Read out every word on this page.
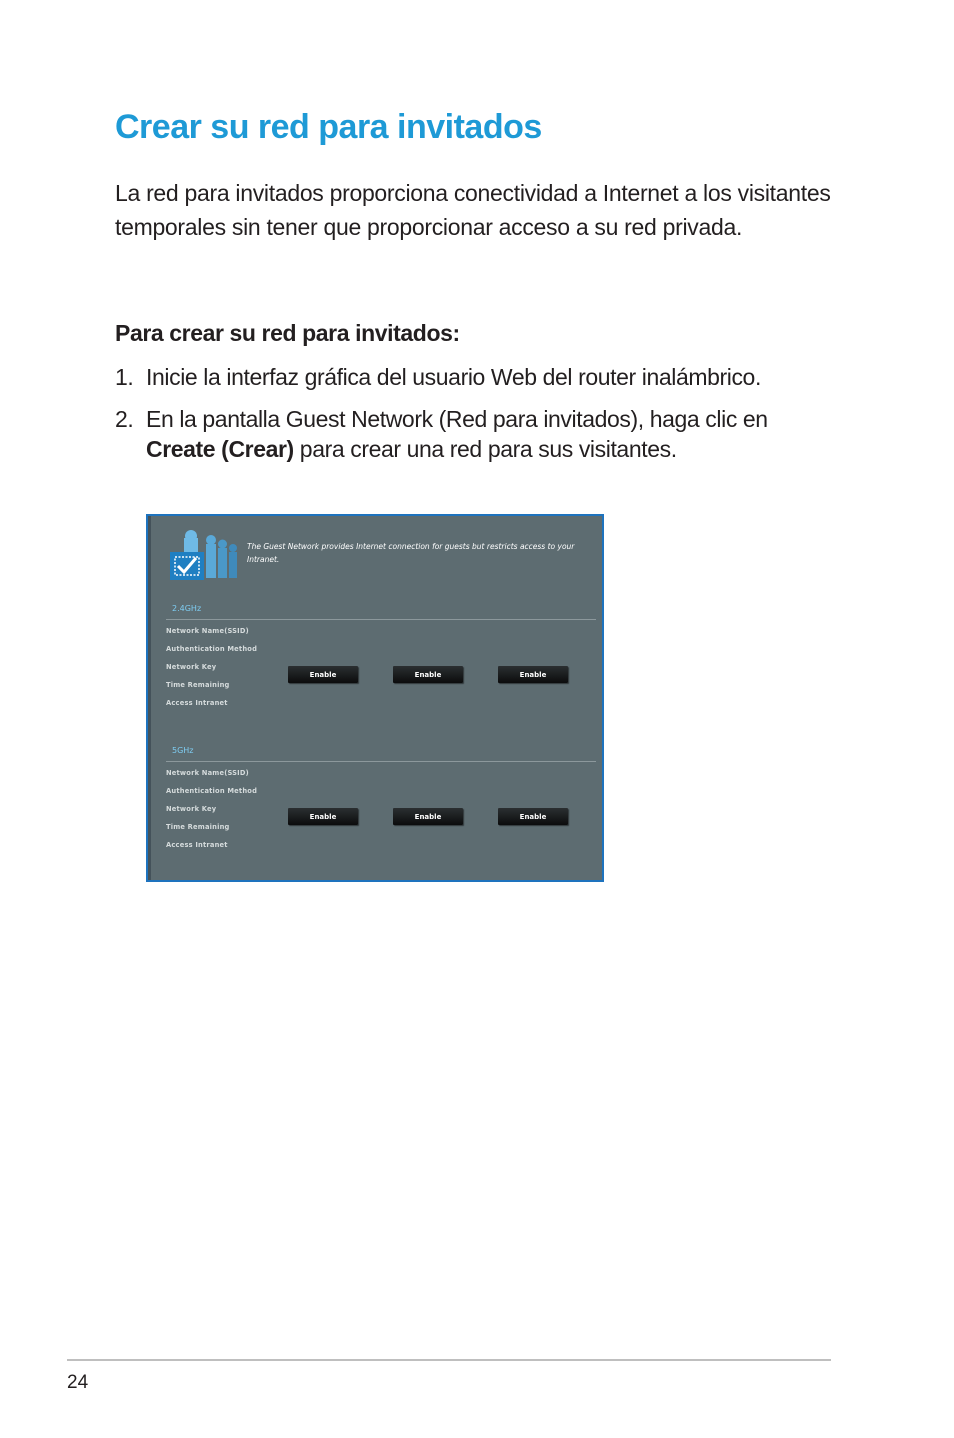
Crear su red para invitados

La red para invitados proporciona conectividad a Internet a los visitantes temporales sin tener que proporcionar acceso a su red privada.

Para crear su red para invitados:

1. Inicie la interfaz gráfica del usuario Web del router inalámbrico.
2. En la pantalla Guest Network (Red para invitados), haga clic en Create (Crear) para crear una red para sus visitantes.
The Guest Network provides Internet connection for guests but restricts access to your Intranet.
2.4GHz
Network Name(SSID)
Authentication Method
Network Key
Time Remaining
Access Intranet
Enable	Enable	Enable
5GHz
Network Name(SSID)
Authentication Method
Network Key
Time Remaining
Access Intranet
Enable	Enable	Enable
24
